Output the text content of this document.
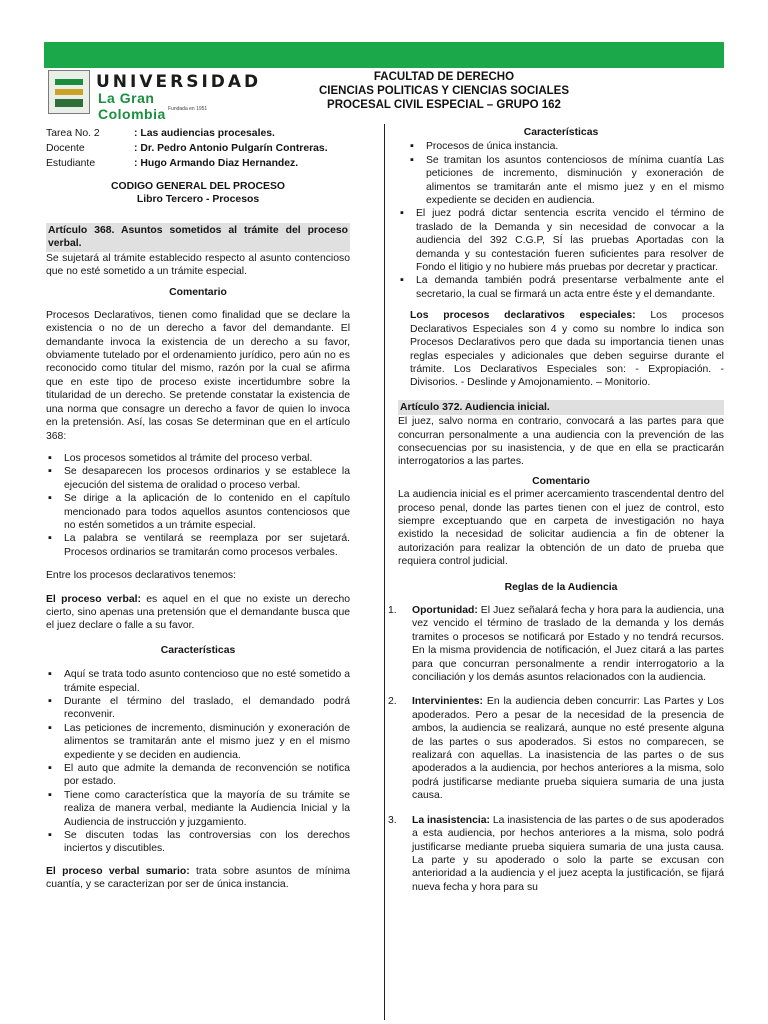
UNIVERSIDAD
La Gran Colombia Fundada en 1951
FACULTAD DE DERECHO
CIENCIAS POLITICAS Y CIENCIAS SOCIALES
PROCESAL CIVIL ESPECIAL – GRUPO 162
Tarea No. 2	: Las audiencias procesales.
Docente	: Dr. Pedro Antonio Pulgarín Contreras.
Estudiante	: Hugo Armando Diaz Hernandez.
CODIGO GENERAL DEL PROCESO
Libro Tercero - Procesos
Artículo 368. Asuntos sometidos al trámite del proceso verbal.

Se sujetará al trámite establecido respecto al asunto contencioso que no esté sometido a un trámite especial.

Comentario

Procesos Declarativos, tienen como finalidad que se declare la existencia o no de un derecho a favor del demandante. El demandante invoca la existencia de un derecho a su favor, obviamente tutelado por el ordenamiento jurídico, pero aún no es reconocido como titular del mismo, razón por la cual se afirma que en este tipo de proceso existe incertidumbre sobre la titularidad de un derecho. Se pretende constatar la existencia de una norma que consagre un derecho a favor de quien lo invoca en la pretensión. Así, las cosas Se determinan que en el artículo 368:

▪ Los procesos sometidos al trámite del proceso verbal.
▪ Se desaparecen los procesos ordinarios y se establece la ejecución del sistema de oralidad o proceso verbal.
▪ Se dirige a la aplicación de lo contenido en el capítulo mencionado para todos aquellos asuntos contenciosos que no estén sometidos a un trámite especial.
▪ La palabra se ventilará se reemplaza por ser sujetará. Procesos ordinarios se tramitarán como procesos verbales.

Entre los procesos declarativos tenemos:

El proceso verbal: es aquel en el que no existe un derecho cierto, sino apenas una pretensión que el demandante busca que el juez declare o falle a su favor.

Características
▪ Aquí se trata todo asunto contencioso que no esté sometido a trámite especial.
▪ Durante el término del traslado, el demandado podrá reconvenir.
▪ Las peticiones de incremento, disminución y exoneración de alimentos se tramitarán ante el mismo juez y en el mismo expediente y se deciden en audiencia.
▪ El auto que admite la demanda de reconvención se notifica por estado.
▪ Tiene como característica que la mayoría de su trámite se realiza de manera verbal, mediante la Audiencia Inicial y la Audiencia de instrucción y juzgamiento.
▪ Se discuten todas las controversias con los derechos inciertos y discutibles.

El proceso verbal sumario: trata sobre asuntos de mínima cuantía, y se caracterizan por ser de única instancia.

Características
▪ Procesos de única instancia.
▪ Se tramitan los asuntos contenciosos de mínima cuantía Las peticiones de incremento, disminución y exoneración de alimentos se tramitarán ante el mismo juez y en el mismo expediente se deciden en audiencia.
▪ El juez podrá dictar sentencia escrita vencido el término de traslado de la Demanda y sin necesidad de convocar a la audiencia del 392 C.G.P, SÍ las pruebas Aportadas con la demanda y su contestación fueren suficientes para resolver de Fondo el litigio y no hubiere más pruebas por decretar y practicar.
▪ La demanda también podrá presentarse verbalmente ante el secretario, la cual se firmará un acta entre éste y el demandante.

Los procesos declarativos especiales: Los procesos Declarativos Especiales son 4 y como su nombre lo indica son Procesos Declarativos pero que dada su importancia tienen unas reglas especiales y adicionales que deben seguirse durante el trámite. Los Declarativos Especiales son: - Expropiación. - Divisorios. - Deslinde y Amojonamiento. – Monitorio.

Artículo 372. Audiencia inicial.

El juez, salvo norma en contrario, convocará a las partes para que concurran personalmente a una audiencia con la prevención de las consecuencias por su inasistencia, y de que en ella se practicarán interrogatorios a las partes.

Comentario

La audiencia inicial es el primer acercamiento trascendental dentro del proceso penal, donde las partes tienen con el juez de control, esto siempre exceptuando que en carpeta de investigación no haya existido la necesidad de solicitar audiencia a fin de obtener la autorización para realizar la obtención de un dato de prueba que requiera control judicial.

Reglas de la Audiencia
1. Oportunidad: El Juez señalará fecha y hora para la audiencia, una vez vencido el término de traslado de la demanda y los demás tramites o procesos se notificará por Estado y no tendrá recursos. En la misma providencia de notificación, el Juez citará a las partes para que concurran personalmente a rendir interrogatorio a la conciliación y los demás asuntos relacionados con la audiencia.
2. Intervinientes: En la audiencia deben concurrir: Las Partes y Los apoderados. Pero a pesar de la necesidad de la presencia de ambos, la audiencia se realizará, aunque no esté presente alguna de las partes o sus apoderados. Si estos no comparecen, se realizará con aquellas. La inasistencia de las partes o de sus apoderados a la audiencia, por hechos anteriores a la misma, solo podrá justificarse mediante prueba siquiera sumaria de una justa causa.
3. La inasistencia: La inasistencia de las partes o de sus apoderados a esta audiencia, por hechos anteriores a la misma, solo podrá justificarse mediante prueba siquiera sumaria de una justa causa. La parte y su apoderado o solo la parte se excusan con anterioridad a la audiencia y el juez acepta la justificación, se fijará nueva fecha y hora para su
